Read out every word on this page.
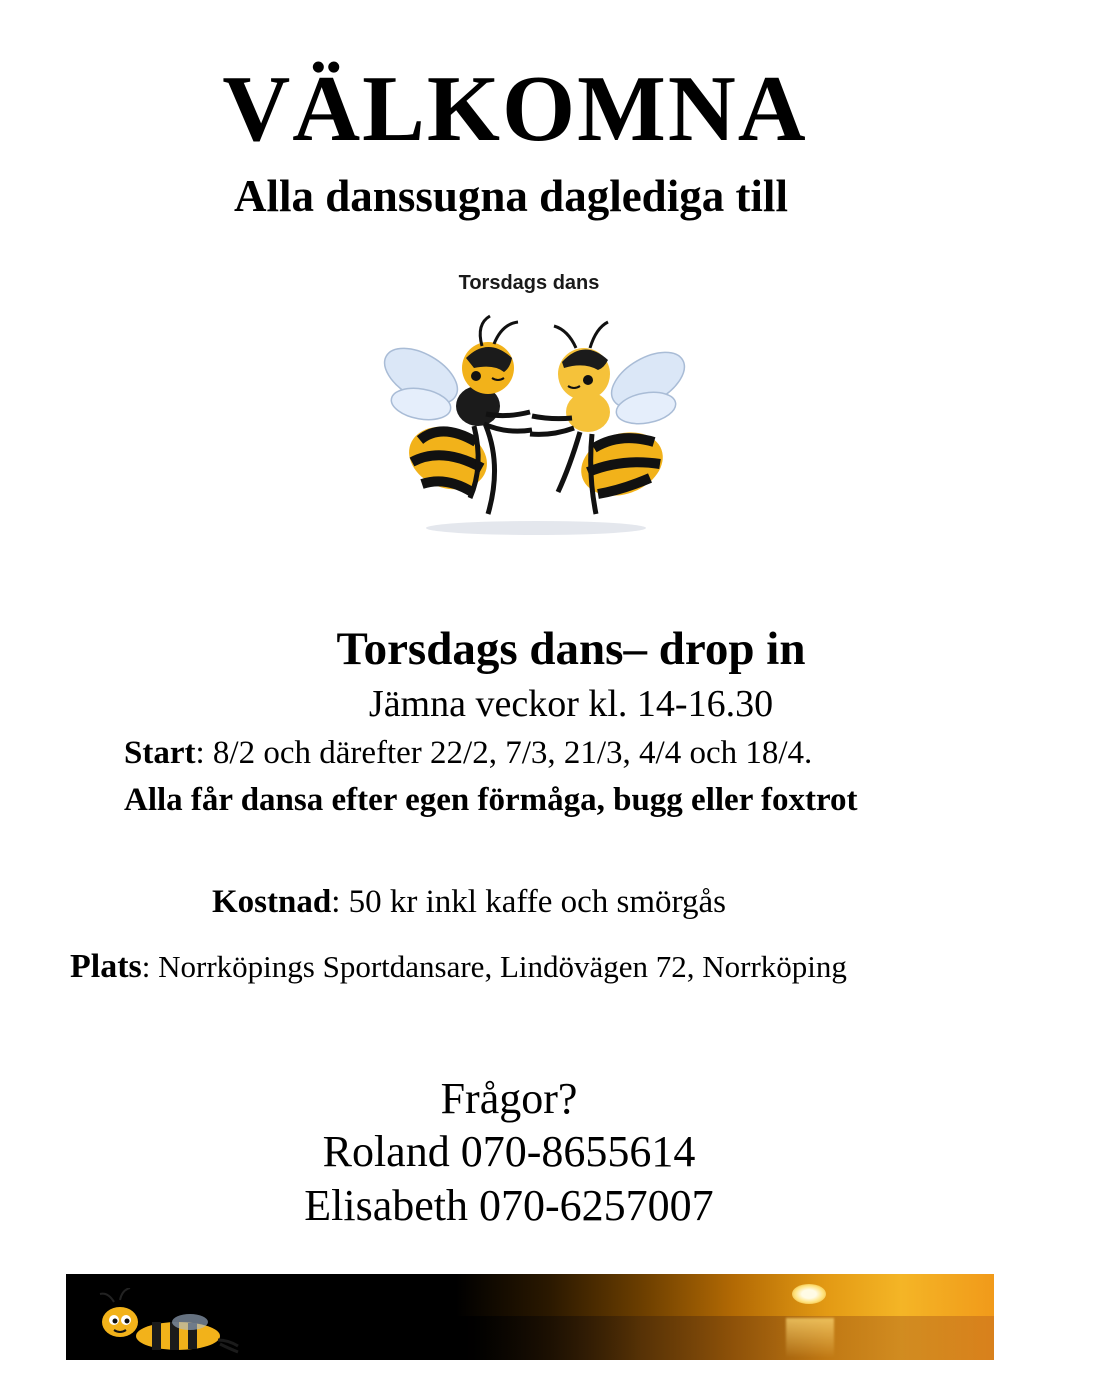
VÄLKOMNA
Alla danssugna daglediga till
Torsdags dans
Torsdags dans– drop in
Jämna veckor kl. 14-16.30
Start: 8/2 och därefter 22/2, 7/3, 21/3, 4/4 och 18/4.
Alla får dansa efter egen förmåga, bugg eller foxtrot
Kostnad: 50 kr inkl kaffe och smörgås
Plats: Norrköpings Sportdansare, Lindövägen 72, Norrköping
Frågor?
Roland 070-8655614
Elisabeth 070-6257007
